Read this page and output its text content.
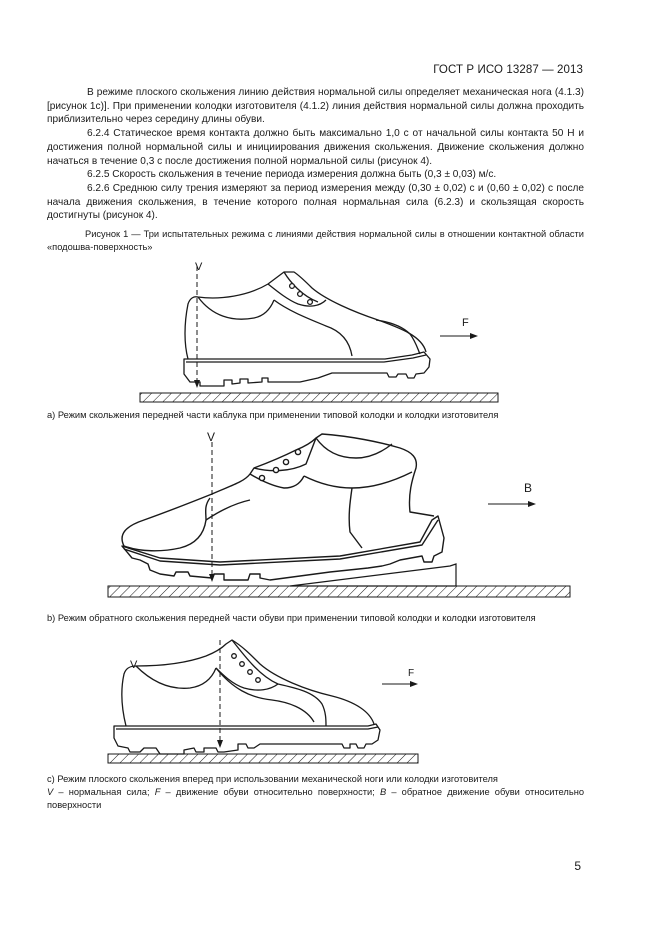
ГОСТ Р ИСО 13287 — 2013

В режиме плоского скольжения линию действия нормальной силы определяет механическая нога (4.1.3) [рисунок 1c)]. При применении колодки изготовителя (4.1.2) линия действия нормальной силы должна проходить приблизительно через середину длины обуви.

6.2.4 Статическое время контакта должно быть максимально 1,0 с от начальной силы контакта 50 Н и достижения полной нормальной силы и инициирования движения скольжения. Движение скольжения должно начаться в течение 0,3 с после достижения полной нормальной силы (рисунок 4).

6.2.5 Скорость скольжения в течение периода измерения должна быть (0,3 ± 0,03) м/с.

6.2.6 Среднюю силу трения измеряют за период измерения между (0,30 ± 0,02) с и (0,60 ± 0,02) с после начала движения скольжения, в течение которого полная нормальная сила (6.2.3) и скользящая скорость достигнуты (рисунок 4).

Рисунок 1 — Три испытательных режима с линиями действия нормальной силы в отношении контактной области «подошва-поверхность»
V
F
а) Режим скольжения передней части каблука при применении типовой колодки и колодки изготовителя
V
B
b) Режим обратного скольжения передней части обуви при применении типовой колодки и колодки изготовителя
V
F
с) Режим плоского скольжения вперед при использовании механической ноги или колодки изготовителя
V – нормальная сила; F – движение обуви относительно поверхности; B – обратное движение обуви относительно поверхности
5
